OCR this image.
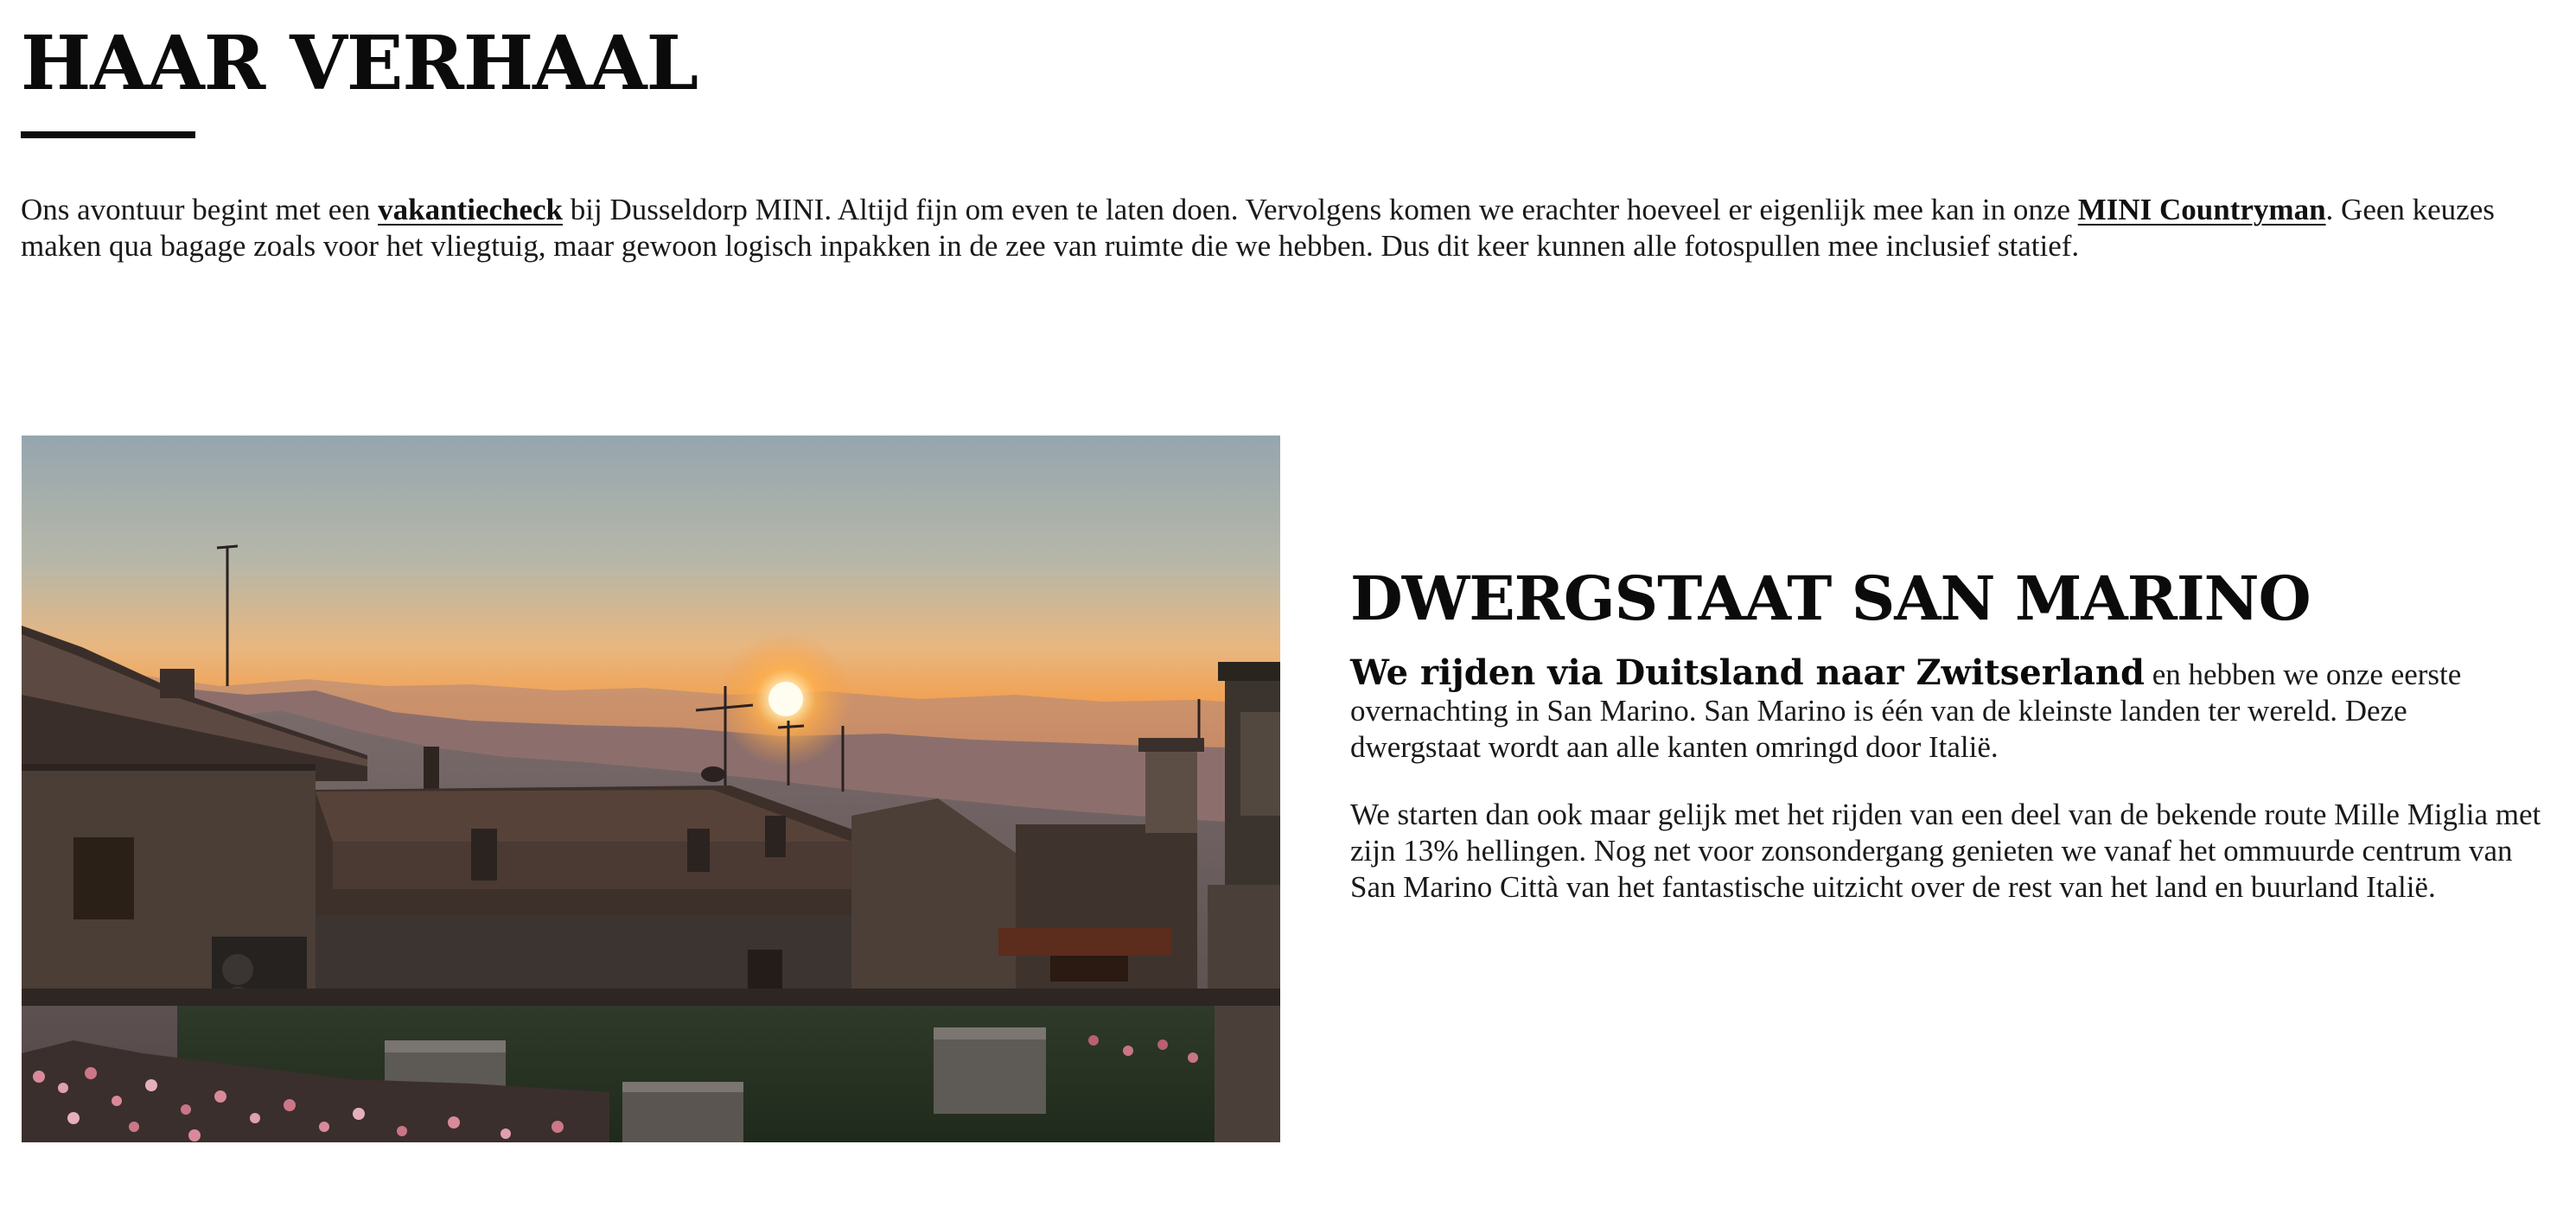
HAAR VERHAAL

Ons avontuur begint met een vakantiecheck bij Dusseldorp MINI. Altijd fijn om even te laten doen. Vervolgens komen we erachter hoeveel er eigenlijk mee kan in onze MINI Countryman. Geen keuzes maken qua bagage zoals voor het vliegtuig, maar gewoon logisch inpakken in de zee van ruimte die we hebben. Dus dit keer kunnen alle fotospullen mee inclusief statief.

DWERGSTAAT SAN MARINO

We rijden via Duitsland naar Zwitserland en hebben we onze eerste overnachting in San Marino. San Marino is één van de kleinste landen ter wereld. Deze dwergstaat wordt aan alle kanten omringd door Italië.

We starten dan ook maar gelijk met het rijden van een deel van de bekende route Mille Miglia met zijn 13% hellingen. Nog net voor zonsondergang genieten we vanaf het ommuurde centrum van San Marino Città van het fantastische uitzicht over de rest van het land en buurland Italië.
